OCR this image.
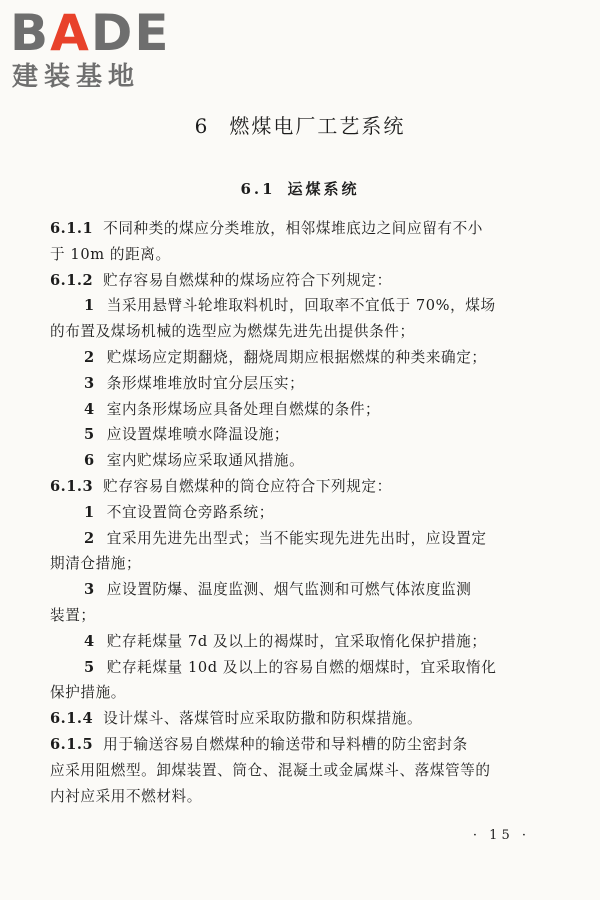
BADE
建装基地
6 燃煤电厂工艺系统
6.1 运煤系统
6.1.1 不同种类的煤应分类堆放，相邻煤堆底边之间应留有不小
于 10m 的距离。
6.1.2 贮存容易自燃煤种的煤场应符合下列规定：
1 当采用悬臂斗轮堆取料机时，回取率不宜低于 70%，煤场
的布置及煤场机械的选型应为燃煤先进先出提供条件；
2 贮煤场应定期翻烧，翻烧周期应根据燃煤的种类来确定；
3 条形煤堆堆放时宜分层压实；
4 室内条形煤场应具备处理自燃煤的条件；
5 应设置煤堆喷水降温设施；
6 室内贮煤场应采取通风措施。
6.1.3 贮存容易自燃煤种的筒仓应符合下列规定：
1 不宜设置筒仓旁路系统；
2 宜采用先进先出型式；当不能实现先进先出时，应设置定
期清仓措施；
3 应设置防爆、温度监测、烟气监测和可燃气体浓度监测
装置；
4 贮存耗煤量 7d 及以上的褐煤时，宜采取惰化保护措施；
5 贮存耗煤量 10d 及以上的容易自燃的烟煤时，宜采取惰化
保护措施。
6.1.4 设计煤斗、落煤管时应采取防撒和防积煤措施。
6.1.5 用于输送容易自燃煤种的输送带和导料槽的防尘密封条
应采用阻燃型。卸煤装置、筒仓、混凝土或金属煤斗、落煤管等的
内衬应采用不燃材料。
· 15 ·
